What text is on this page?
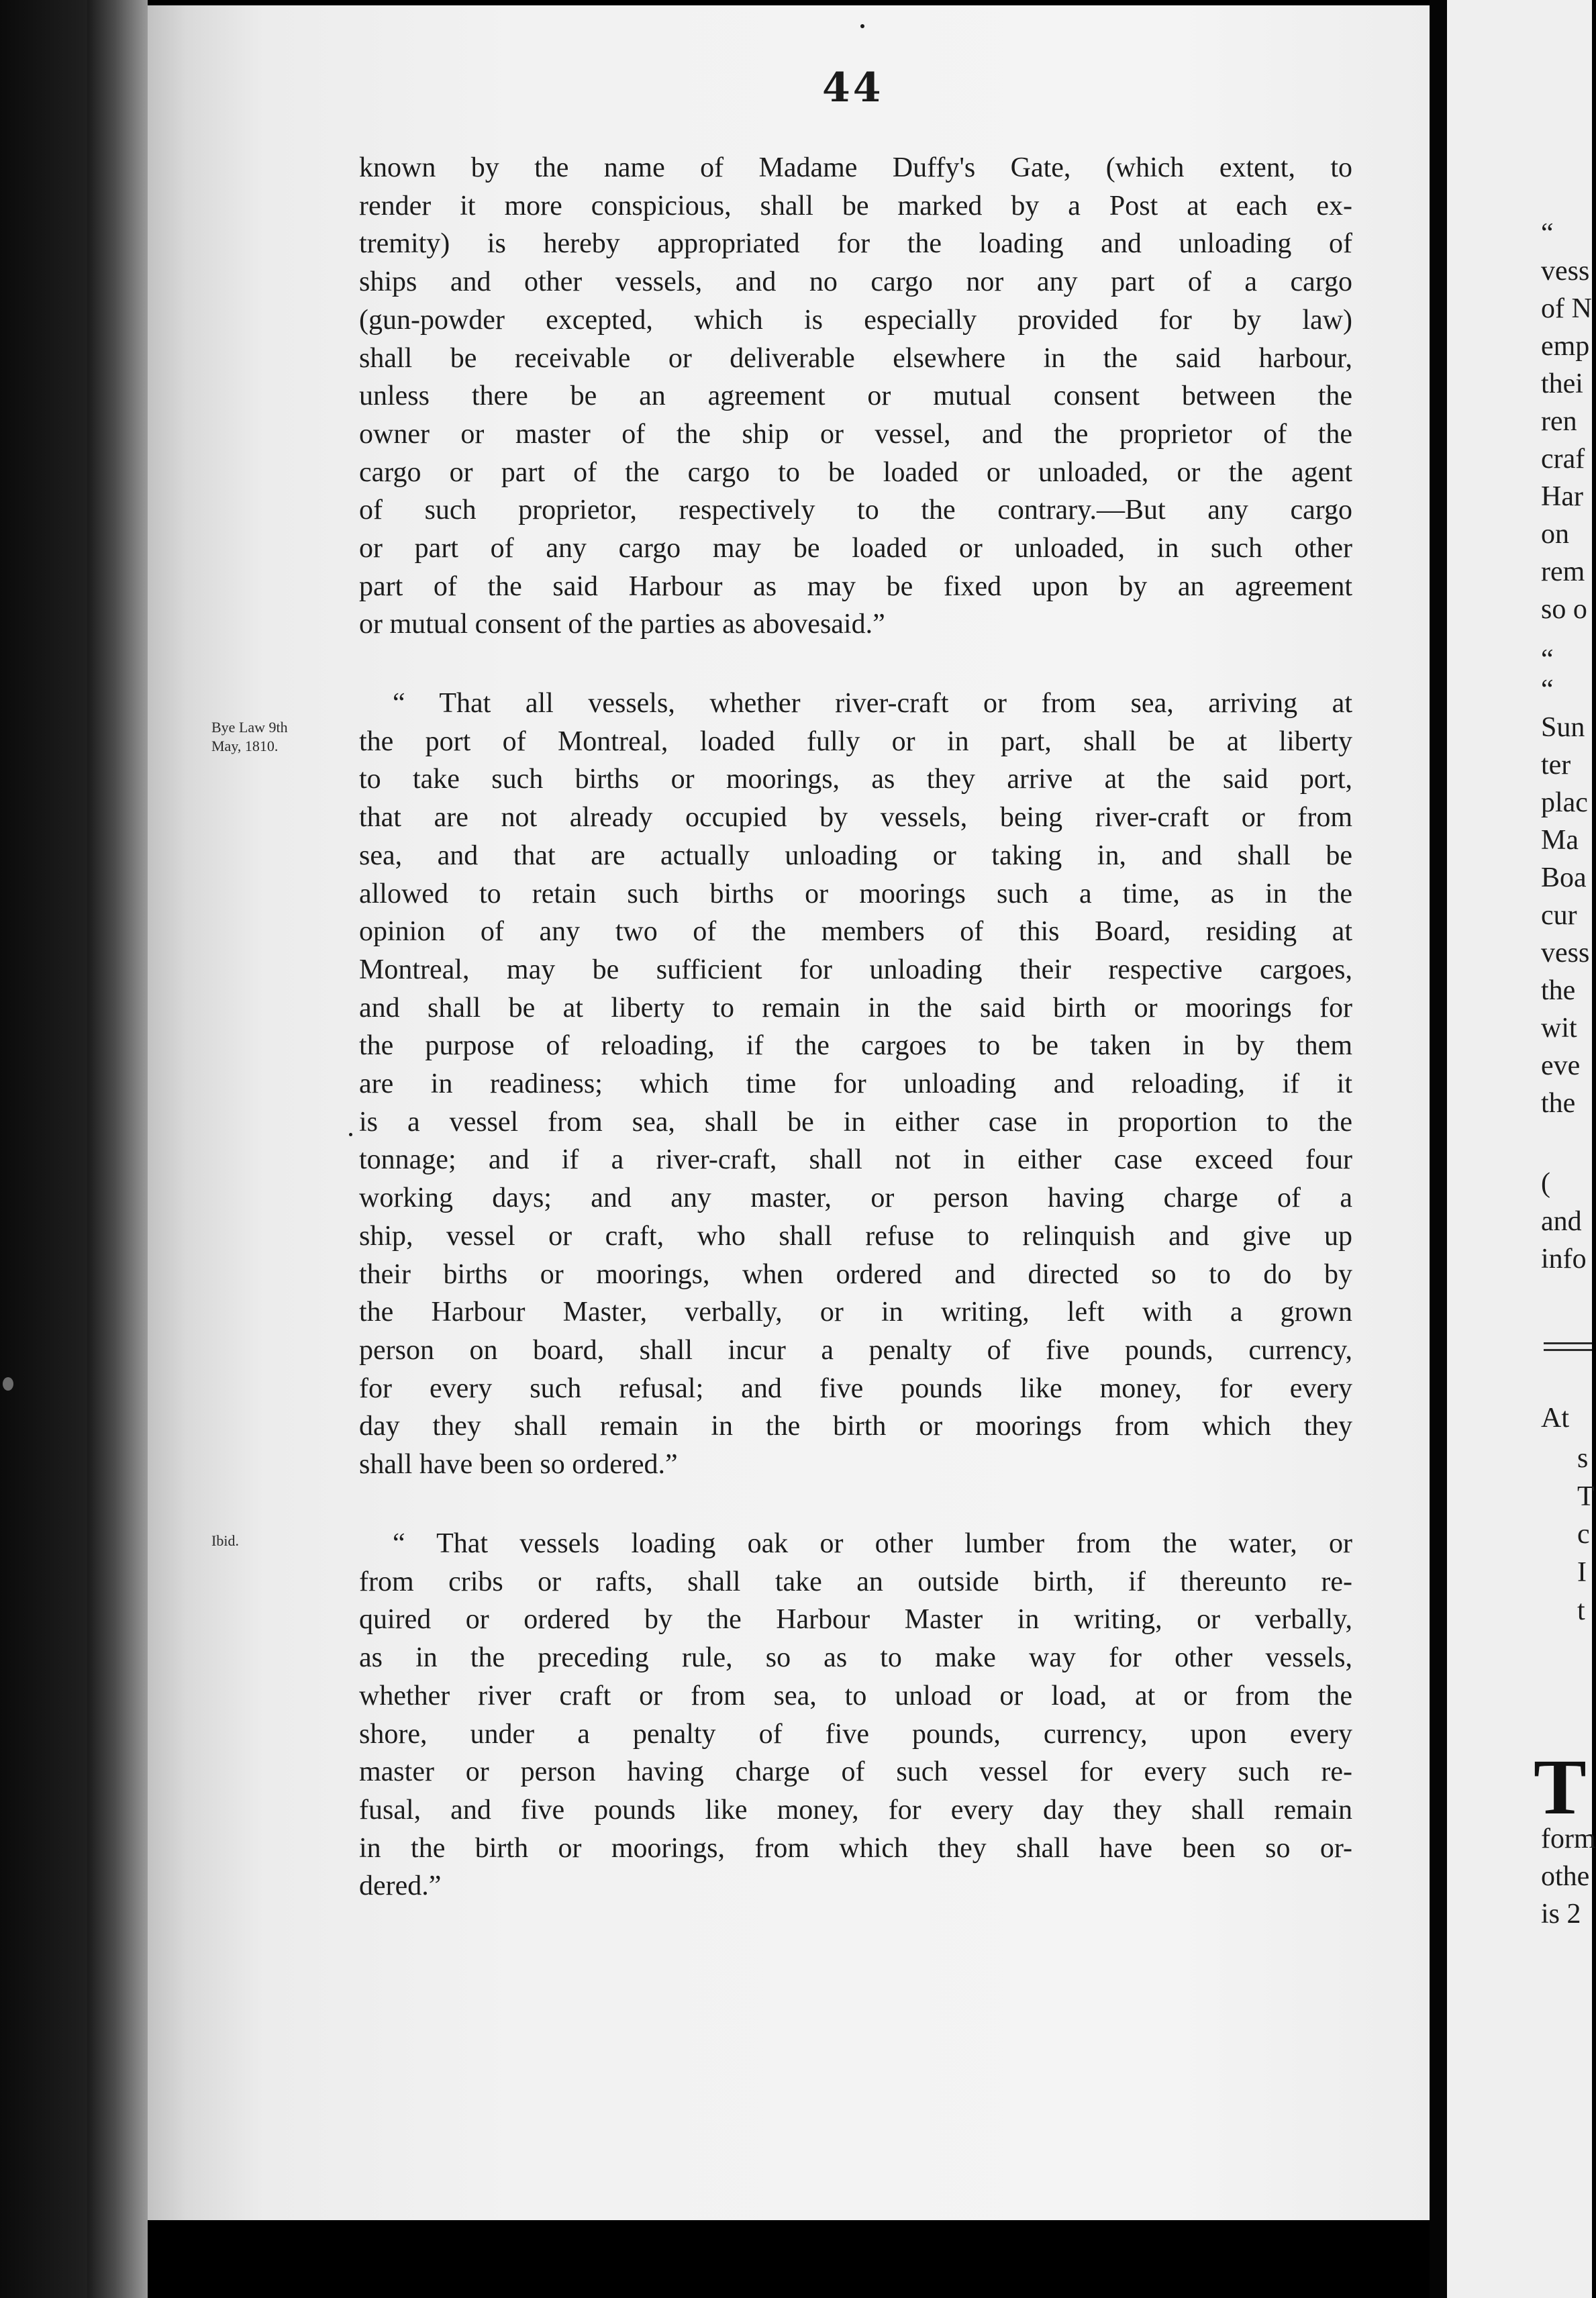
44
Bye Law 9th
May, 1810.
Ibid.
known by the name of Madame Duffy's Gate, (which extent, to
render it more conspicious, shall be marked by a Post at each ex-
tremity) is hereby appropriated for the loading and unloading of
ships and other vessels, and no cargo nor any part of a cargo
(gun-powder excepted, which is especially provided for by law)
shall be receivable or deliverable elsewhere in the said harbour,
unless there be an agreement or mutual consent between the
owner or master of the ship or vessel, and the proprietor of the
cargo or part of the cargo to be loaded or unloaded, or the agent
of such proprietor, respectively to the contrary.—But any cargo
or part of any cargo may be loaded or unloaded, in such other
part of the said Harbour as may be fixed upon by an agreement
or mutual consent of the parties as abovesaid.”
“ That all vessels, whether river-craft or from sea, arriving at
the port of Montreal, loaded fully or in part, shall be at liberty
to take such births or moorings, as they arrive at the said port,
that are not already occupied by vessels, being river-craft or from
sea, and that are actually unloading or taking in, and shall be
allowed to retain such births or moorings such a time, as in the
opinion of any two of the members of this Board, residing at
Montreal, may be sufficient for unloading their respective cargoes,
and shall be at liberty to remain in the said birth or moorings for
the purpose of reloading, if the cargoes to be taken in by them
are in readiness; which time for unloading and reloading, if it
is a vessel from sea, shall be in either case in proportion to the
tonnage; and if a river-craft, shall not in either case exceed four
working days; and any master, or person having charge of a
ship, vessel or craft, who shall refuse to relinquish and give up
their births or moorings, when ordered and directed so to do by
the Harbour Master, verbally, or in writing, left with a grown
person on board, shall incur a penalty of five pounds, currency,
for every such refusal; and five pounds like money, for every
day they shall remain in the birth or moorings from which they
shall have been so ordered.”
“ That vessels loading oak or other lumber from the water, or
from cribs or rafts, shall take an outside birth, if thereunto re-
quired or ordered by the Harbour Master in writing, or verbally,
as in the preceding rule, so as to make way for other vessels,
whether river craft or from sea, to unload or load, at or from the
shore, under a penalty of five pounds, currency, upon every
master or person having charge of such vessel for every such re-
fusal, and five pounds like money, for every day they shall remain
in the birth or moorings, from which they shall have been so or-
dered.”
“
vess
of N
emp
thei
ren
craf
Har
on
rem
so o
“
“
Sun
ter
plac
Ma
Boa
cur
vess
the
wit
eve
the
(
and
info
At
s
T
c
I
t
T
form
othe
is 2
